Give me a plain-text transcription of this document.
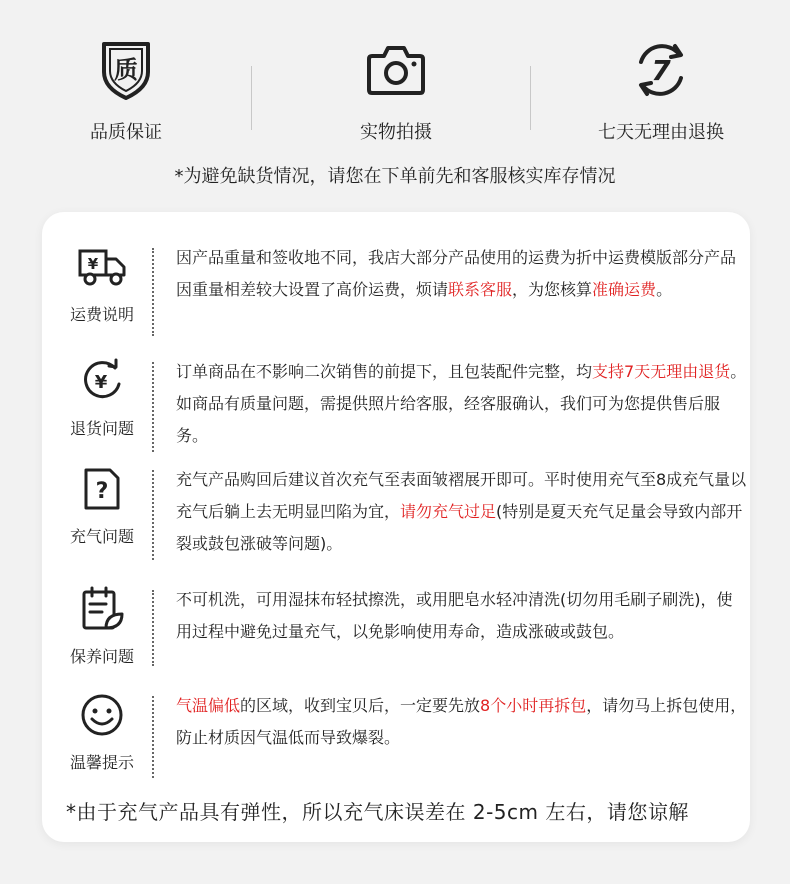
质
品质保证	实物拍摄
7
七天无理由退换
*为避免缺货情况，请您在下单前先和客服核实库存情况
¥
运费说明
因产品重量和签收地不同，我店大部分产品使用的运费为折中运费模版部分产品因重量相差较大设置了高价运费，烦请联系客服，为您核算准确运费。
¥
退货问题
订单商品在不影响二次销售的前提下，且包装配件完整，均支持7天无理由退货。如商品有质量问题，需提供照片给客服，经客服确认，我们可为您提供售后服务。
?
充气问题
充气产品购回后建议首次充气至表面皱褶展开即可。平时使用充气至8成充气量以充气后躺上去无明显凹陷为宜，请勿充气过足(特别是夏天充气足量会导致内部开裂或鼓包涨破等问题)。
保养问题
不可机洗，可用湿抹布轻拭擦洗，或用肥皂水轻冲清洗(切勿用毛刷子刷洗)，使用过程中避免过量充气，以免影响使用寿命，造成涨破或鼓包。
温馨提示
气温偏低的区域，收到宝贝后，一定要先放8个小时再拆包，请勿马上拆包使用，防止材质因气温低而导致爆裂。
*由于充气产品具有弹性，所以充气床误差在 2-5cm 左右，请您谅解
